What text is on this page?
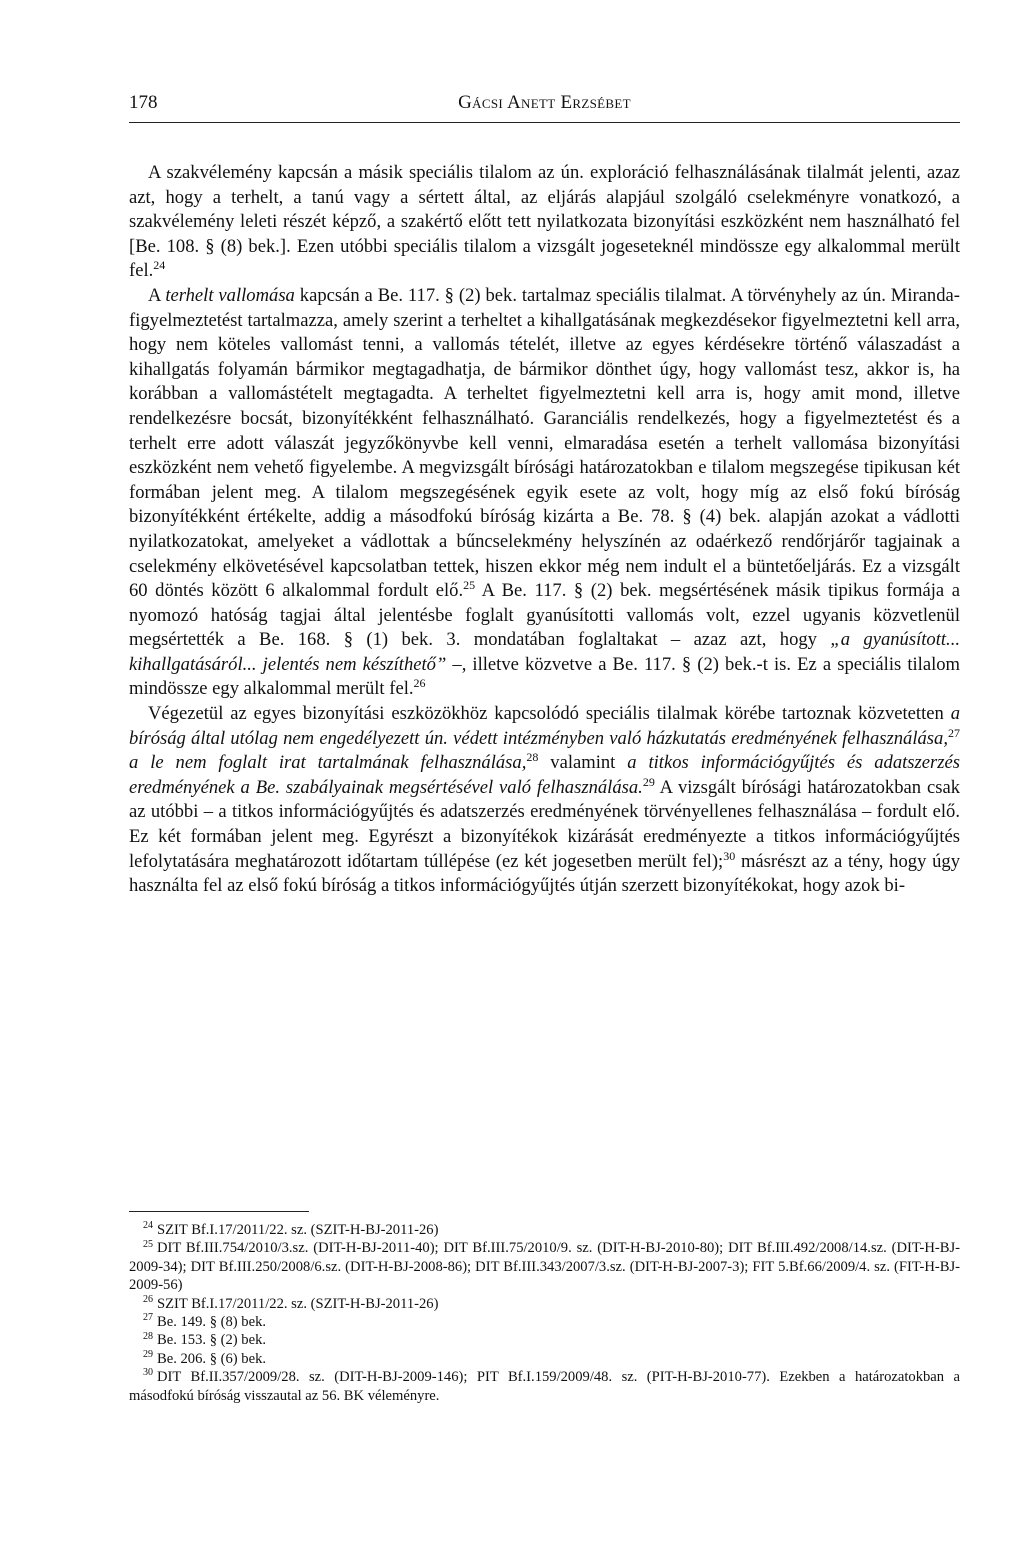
178	Gácsi Anett Erzsébet

A szakvélemény kapcsán a másik speciális tilalom az ún. exploráció felhasználásának tilalmát jelenti, azaz azt, hogy a terhelt, a tanú vagy a sértett által, az eljárás alapjául szolgáló cselekményre vonatkozó, a szakvélemény leleti részét képző, a szakértő előtt tett nyilatkozata bizonyítási eszközként nem használható fel [Be. 108. § (8) bek.]. Ezen utóbbi speciális tilalom a vizsgált jogeseteknél mindössze egy alkalommal merült fel.$^{24}$

A terhelt vallomása kapcsán a Be. 117. § (2) bek. tartalmaz speciális tilalmat. A törvényhely az ún. Miranda-figyelmeztetést tartalmazza, amely szerint a terheltet a kihallgatásának megkezdésekor figyelmeztetni kell arra, hogy nem köteles vallomást tenni, a vallomás tételét, illetve az egyes kérdésekre történő válaszadást a kihallgatás folyamán bármikor megtagadhatja, de bármikor dönthet úgy, hogy vallomást tesz, akkor is, ha korábban a vallomástételt megtagadta. A terheltet figyelmeztetni kell arra is, hogy amit mond, illetve rendelkezésre bocsát, bizonyítékként felhasználható. Garanciális rendelkezés, hogy a figyelmeztetést és a terhelt erre adott válaszát jegyzőkönyvbe kell venni, elmaradása esetén a terhelt vallomása bizonyítási eszközként nem vehető figyelembe. A megvizsgált bírósági határozatokban e tilalom megszegése tipikusan két formában jelent meg. A tilalom megszegésének egyik esete az volt, hogy míg az első fokú bíróság bizonyítékként értékelte, addig a másodfokú bíróság kizárta a Be. 78. § (4) bek. alapján azokat a vádlotti nyilatkozatokat, amelyeket a vádlottak a bűncselekmény helyszínén az odaérkező rendőrjárőr tagjainak a cselekmény elkövetésével kapcsolatban tettek, hiszen ekkor még nem indult el a büntetőeljárás. Ez a vizsgált 60 döntés között 6 alkalommal fordult elő.$^{25}$ A Be. 117. § (2) bek. megsértésének másik tipikus formája a nyomozó hatóság tagjai által jelentésbe foglalt gyanúsítotti vallomás volt, ezzel ugyanis közvetlenül megsértették a Be. 168. § (1) bek. 3. mondatában foglaltakat – azaz azt, hogy „a gyanúsított... kihallgatásáról... jelentés nem készíthető” –, illetve közvetve a Be. 117. § (2) bek.-t is. Ez a speciális tilalom mindössze egy alkalommal merült fel.$^{26}$

Végezetül az egyes bizonyítási eszközökhöz kapcsolódó speciális tilalmak körébe tartoznak közvetetten a bíróság által utólag nem engedélyezett ún. védett intézményben való házkutatás eredményének felhasználása,$^{27}$ a le nem foglalt irat tartalmának felhasználása,$^{28}$ valamint a titkos információgyűjtés és adatszerzés eredményének a Be. szabályainak megsértésével való felhasználása.$^{29}$ A vizsgált bírósági határozatokban csak az utóbbi – a titkos információgyűjtés és adatszerzés eredményének törvényellenes felhasználása – fordult elő. Ez két formában jelent meg. Egyrészt a bizonyítékok kizárását eredményezte a titkos információgyűjtés lefolytatására meghatározott időtartam túllépése (ez két jogesetben merült fel);$^{30}$ másrészt az a tény, hogy úgy használta fel az első fokú bíróság a titkos információgyűjtés útján szerzett bizonyítékokat, hogy azok bi-

$^{24}$ SZIT Bf.I.17/2011/22. sz. (SZIT-H-BJ-2011-26)
$^{25}$ DIT Bf.III.754/2010/3.sz. (DIT-H-BJ-2011-40); DIT Bf.III.75/2010/9. sz. (DIT-H-BJ-2010-80); DIT Bf.III.492/2008/14.sz. (DIT-H-BJ-2009-34); DIT Bf.III.250/2008/6.sz. (DIT-H-BJ-2008-86); DIT Bf.III.343/2007/3.sz. (DIT-H-BJ-2007-3); FIT 5.Bf.66/2009/4. sz. (FIT-H-BJ-2009-56)
$^{26}$ SZIT Bf.I.17/2011/22. sz. (SZIT-H-BJ-2011-26)
$^{27}$ Be. 149. § (8) bek.
$^{28}$ Be. 153. § (2) bek.
$^{29}$ Be. 206. § (6) bek.
$^{30}$ DIT Bf.II.357/2009/28. sz. (DIT-H-BJ-2009-146); PIT Bf.I.159/2009/48. sz. (PIT-H-BJ-2010-77). Ezekben a határozatokban a másodfokú bíróság visszautal az 56. BK véleményre.
